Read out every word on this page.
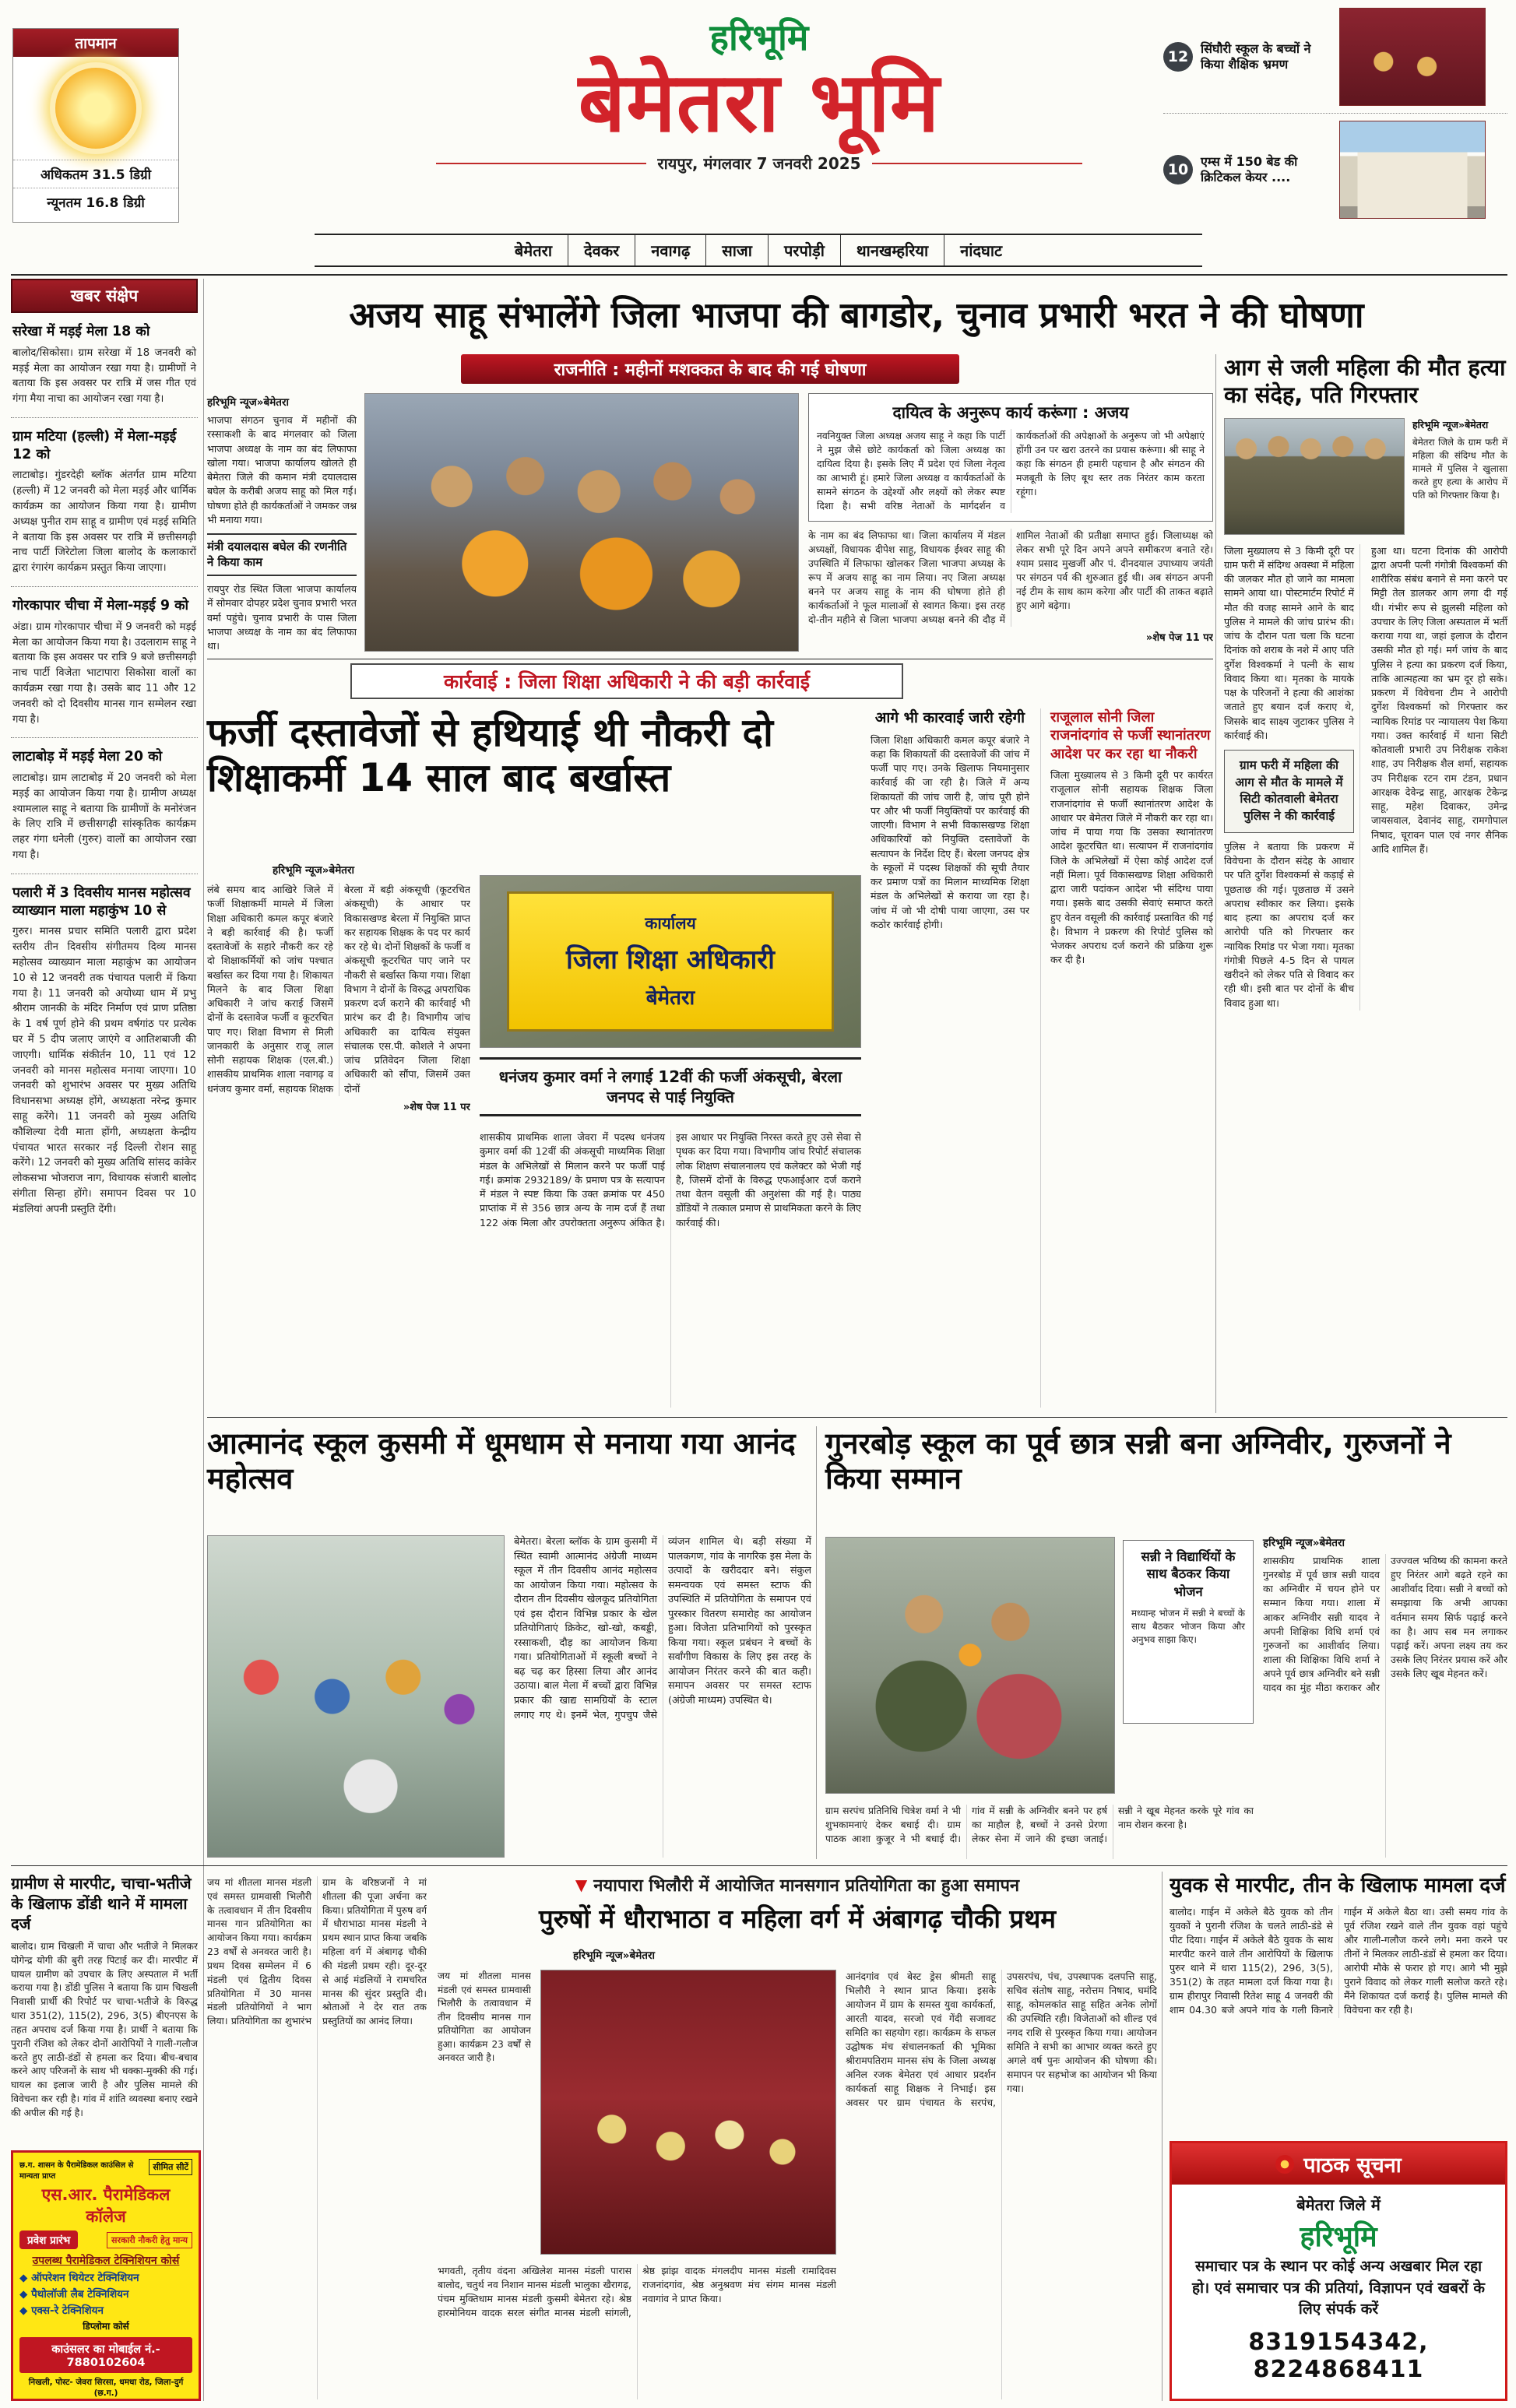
तापमान
अधिकतम 31.5 डिग्री
न्यूनतम 16.8 डिग्री
हरिभूमि
बेमेतरा भूमि
रायपुर, मंगलवार 7 जनवरी 2025
12 सिंघौरी स्कूल के बच्चों ने किया शैक्षिक भ्रमण
10 एम्स में 150 बेड की क्रिटिकल केयर ....
बेमेतरा	देवकर	नवागढ़	साजा	परपोड़ी	थानखम्हरिया	नांदघाट
अजय साहू संभालेंगे जिला भाजपा की बागडोर, चुनाव प्रभारी भरत ने की घोषणा
खबर संक्षेप
सरेखा में मड़ई मेला 18 को
बालोद/सिकोसा। ग्राम सरेखा में 18 जनवरी को मड़ई मेला का आयोजन रखा गया है। ग्रामीणों ने बताया कि इस अवसर पर रात्रि में जस गीत एवं गंगा मैया नाचा का आयोजन रखा गया है।
ग्राम मटिया (हल्ली) में मेला-मड़ई 12 को
लाटाबोड़। गुंडरदेही ब्लॉक अंतर्गत ग्राम मटिया (हल्ली) में 12 जनवरी को मेला मड़ई और धार्मिक कार्यक्रम का आयोजन किया गया है। ग्रामीण अध्यक्ष पुनीत राम साहू व ग्रामीण एवं मड़ई समिति ने बताया कि इस अवसर पर रात्रि में छत्तीसगढ़ी नाच पार्टी जिरेटोला जिला बालोद के कलाकारों द्वारा रंगारंग कार्यक्रम प्रस्तुत किया जाएगा।
गोरकापार चीचा में मेला-मड़ई 9 को
अंडा। ग्राम गोरकापार चीचा में 9 जनवरी को मड़ई मेला का आयोजन किया गया है। उदलाराम साहू ने बताया कि इस अवसर पर रात्रि 9 बजे छत्तीसगढ़ी नाच पार्टी विजेता भाटापारा सिकोसा वालों का कार्यक्रम रखा गया है। उसके बाद 11 और 12 जनवरी को दो दिवसीय मानस गान सम्मेलन रखा गया है।
लाटाबोड़ में मड़ई मेला 20 को
लाटाबोड़। ग्राम लाटाबोड़ में 20 जनवरी को मेला मड़ई का आयोजन किया गया है। ग्रामीण अध्यक्ष श्यामलाल साहू ने बताया कि ग्रामीणों के मनोरंजन के लिए रात्रि में छत्तीसगढ़ी सांस्कृतिक कार्यक्रम लहर गंगा धनेली (गुरुर) वालों का आयोजन रखा गया है।
पलारी में 3 दिवसीय मानस महोत्सव व्याख्यान माला महाकुंभ 10 से
गुरुर। मानस प्रचार समिति पलारी द्वारा प्रदेश स्तरीय तीन दिवसीय संगीतमय दिव्य मानस महोत्सव व्याख्यान माला महाकुंभ का आयोजन 10 से 12 जनवरी तक पंचायत पलारी में किया गया है। 11 जनवरी को अयोध्या धाम में प्रभु श्रीराम जानकी के मंदिर निर्माण एवं प्राण प्रतिष्ठा के 1 वर्ष पूर्ण होने की प्रथम वर्षगांठ पर प्रत्येक घर में 5 दीप जलाए जाएंगे व आतिशबाजी की जाएगी। धार्मिक संकीर्तन 10, 11 एवं 12 जनवरी को मानस महोत्सव मनाया जाएगा। 10 जनवरी को शुभारंभ अवसर पर मुख्य अतिथि विधानसभा अध्यक्ष होंगे, अध्यक्षता नरेन्द्र कुमार साहू करेंगे। 11 जनवरी को मुख्य अतिथि कौशिल्या देवी माता होंगी, अध्यक्षता केन्द्रीय पंचायत भारत सरकार नई दिल्ली रोशन साहू करेंगे। 12 जनवरी को मुख्य अतिथि सांसद कांकेर लोकसभा भोजराज नाग, विधायक संजारी बालोद संगीता सिन्हा होंगे। समापन दिवस पर 10 मंडलियां अपनी प्रस्तुति देंगी।
राजनीति : महीनों मशक्कत के बाद की गई घोषणा
हरिभूमि न्यूज»बेमेतरा
भाजपा संगठन चुनाव में महीनों की रस्साकशी के बाद मंगलवार को जिला भाजपा अध्यक्ष के नाम का बंद लिफाफा खोला गया। भाजपा कार्यालय खोलते ही बेमेतरा जिले की कमान मंत्री दयालदास बघेल के करीबी अजय साहू को मिल गई। घोषणा होते ही कार्यकर्ताओं ने जमकर जश्न भी मनाया गया।
मंत्री दयालदास बघेल की रणनीति ने किया काम
रायपुर रोड स्थित जिला भाजपा कार्यालय में सोमवार दोपहर प्रदेश चुनाव प्रभारी भरत वर्मा पहुंचे। चुनाव प्रभारी के पास जिला भाजपा अध्यक्ष के नाम का बंद लिफाफा था।
दायित्व के अनुरूप कार्य करूंगा : अजय
नवनियुक्त जिला अध्यक्ष अजय साहू ने कहा कि पार्टी ने मुझ जैसे छोटे कार्यकर्ता को जिला अध्यक्ष का दायित्व दिया है। इसके लिए मैं प्रदेश एवं जिला नेतृत्व का आभारी हूं। हमारे जिला अध्यक्ष व कार्यकर्ताओं के सामने संगठन के उद्देश्यों और लक्ष्यों को लेकर स्पष्ट दिशा है। सभी वरिष्ठ नेताओं के मार्गदर्शन व कार्यकर्ताओं की अपेक्षाओं के अनुरूप जो भी अपेक्षाएं होंगी उन पर खरा उतरने का प्रयास करूंगा। श्री साहू ने कहा कि संगठन ही हमारी पहचान है और संगठन की मजबूती के लिए बूथ स्तर तक निरंतर काम करता रहूंगा।
के नाम का बंद लिफाफा था। जिला कार्यालय में मंडल अध्यक्षों, विधायक दीपेश साहू, विधायक ईश्वर साहू की उपस्थिति में लिफाफा खोलकर जिला भाजपा अध्यक्ष के रूप में अजय साहू का नाम लिया। नए जिला अध्यक्ष बनने पर अजय साहू के नाम की घोषणा होते ही कार्यकर्ताओं ने फूल मालाओं से स्वागत किया। इस तरह दो-तीन महीने से जिला भाजपा अध्यक्ष बनने की दौड़ में शामिल नेताओं की प्रतीक्षा समाप्त हुई। जिलाध्यक्ष को लेकर सभी पूरे दिन अपने अपने समीकरण बनाते रहे। श्याम प्रसाद मुखर्जी और पं. दीनदयाल उपाध्याय जयंती पर संगठन पर्व की शुरुआत हुई थी। अब संगठन अपनी नई टीम के साथ काम करेगा और पार्टी की ताकत बढ़ाते हुए आगे बढ़ेगा।
»शेष पेज 11 पर
आग से जली महिला की मौत हत्या का संदेह, पति गिरफ्तार
हरिभूमि न्यूज»बेमेतरा
बेमेतरा जिले के ग्राम फरी में महिला की संदिग्ध मौत के मामले में पुलिस ने खुलासा करते हुए हत्या के आरोप में पति को गिरफ्तार किया है।
जिला मुख्यालय से 3 किमी दूरी पर ग्राम फरी में संदिग्ध अवस्था में महिला की जलकर मौत हो जाने का मामला सामने आया था। पोस्टमार्टम रिपोर्ट में मौत की वजह सामने आने के बाद पुलिस ने मामले की जांच प्रारंभ की। जांच के दौरान पता चला कि घटना दिनांक को शराब के नशे में आए पति दुर्गेश विश्वकर्मा ने पत्नी के साथ विवाद किया था। मृतका के मायके पक्ष के परिजनों ने हत्या की आशंका जताते हुए बयान दर्ज कराए थे, जिसके बाद साक्ष्य जुटाकर पुलिस ने कार्रवाई की।
ग्राम फरी में महिला की आग से मौत के मामले में सिटी कोतवाली बेमेतरा पुलिस ने की कार्रवाई
पुलिस ने बताया कि प्रकरण में विवेचना के दौरान संदेह के आधार पर पति दुर्गेश विश्वकर्मा से कड़ाई से पूछताछ की गई। पूछताछ में उसने अपराध स्वीकार कर लिया। इसके बाद हत्या का अपराध दर्ज कर आरोपी पति को गिरफ्तार कर न्यायिक रिमांड पर भेजा गया। मृतका गंगोत्री पिछले 4-5 दिन से पायल खरीदने को लेकर पति से विवाद कर रही थी। इसी बात पर दोनों के बीच विवाद हुआ था।
हुआ था। घटना दिनांक की आरोपी द्वारा अपनी पत्नी गंगोत्री विश्वकर्मा की शारीरिक संबंध बनाने से मना करने पर मिट्टी तेल डालकर आग लगा दी गई थी। गंभीर रूप से झुलसी महिला को उपचार के लिए जिला अस्पताल में भर्ती कराया गया था, जहां इलाज के दौरान उसकी मौत हो गई। मर्ग जांच के बाद पुलिस ने हत्या का प्रकरण दर्ज किया, ताकि आत्महत्या का भ्रम दूर हो सके। प्रकरण में विवेचना टीम ने आरोपी दुर्गेश विश्वकर्मा को गिरफ्तार कर न्यायिक रिमांड पर न्यायालय पेश किया गया। उक्त कार्रवाई में थाना सिटी कोतवाली प्रभारी उप निरीक्षक राकेश शाह, उप निरीक्षक शैल शर्मा, सहायक उप निरीक्षक रटन राम टंडन, प्रधान आरक्षक देवेन्द्र साहू, आरक्षक टेकेन्द्र साहू, महेश दिवाकर, उमेन्द्र जायसवाल, देवानंद साहू, रामगोपाल निषाद, चूरावन पाल एवं नगर सैनिक आदि शामिल हैं।
कार्रवाई : जिला शिक्षा अधिकारी ने की बड़ी कार्रवाई
फर्जी दस्तावेजों से हथियाई थी नौकरी दो शिक्षाकर्मी 14 साल बाद बर्खास्त
हरिभूमि न्यूज»बेमेतरा
लंबे समय बाद आखिरे जिले में फर्जी शिक्षाकर्मी मामले में जिला शिक्षा अधिकारी कमल कपूर बंजारे ने बड़ी कार्रवाई की है। फर्जी दस्तावेजों के सहारे नौकरी कर रहे दो शिक्षाकर्मियों को जांच पश्चात बर्खास्त कर दिया गया है। शिकायत मिलने के बाद जिला शिक्षा अधिकारी ने जांच कराई जिसमें दोनों के दस्तावेज फर्जी व कूटरचित पाए गए। शिक्षा विभाग से मिली जानकारी के अनुसार राजू लाल सोनी सहायक शिक्षक (एल.बी.) शासकीय प्राथमिक शाला नवागढ़ व धनंजय कुमार वर्मा, सहायक शिक्षक बेरला में बड़ी अंकसूची (कूटरचित अंकसूची) के आधार पर विकासखण्ड बेरला में नियुक्ति प्राप्त कर सहायक शिक्षक के पद पर कार्य कर रहे थे। दोनों शिक्षकों के फर्जी व अंकसूची कूटरचित पाए जाने पर नौकरी से बर्खास्त किया गया। शिक्षा विभाग ने दोनों के विरुद्ध अपराधिक प्रकरण दर्ज कराने की कार्रवाई भी प्रारंभ कर दी है। विभागीय जांच अधिकारी का दायित्व संयुक्त संचालक एस.पी. कोशले ने अपना जांच प्रतिवेदन जिला शिक्षा अधिकारी को सौंपा, जिसमें उक्त दोनों
»शेष पेज 11 पर
कार्यालय
जिला शिक्षा अधिकारी
बेमेतरा
धनंजय कुमार वर्मा ने लगाई 12वीं की फर्जी अंकसूची, बेरला जनपद से पाई नियुक्ति
शासकीय प्राथमिक शाला जेवरा में पदस्थ धनंजय कुमार वर्मा की 12वीं की अंकसूची माध्यमिक शिक्षा मंडल के अभिलेखों से मिलान करने पर फर्जी पाई गई। क्रमांक 2932189/ के प्रमाण पत्र के सत्यापन में मंडल ने स्पष्ट किया कि उक्त क्रमांक पर 450 प्राप्तांक में से 356 छात्र अन्य के नाम दर्ज हैं तथा 122 अंक मिला और उपरोक्तता अनुरूप अंकित है। इस आधार पर नियुक्ति निरस्त करते हुए उसे सेवा से पृथक कर दिया गया। विभागीय जांच रिपोर्ट संचालक लोक शिक्षण संचालनालय एवं कलेक्टर को भेजी गई है, जिसमें दोनों के विरुद्ध एफआईआर दर्ज कराने तथा वेतन वसूली की अनुशंसा की गई है। पाठ्य डोंडियों ने तत्काल प्रमाण से प्राथमिकता करने के लिए कार्रवाई की।
आगे भी कारवाई जारी रहेगी
जिला शिक्षा अधिकारी कमल कपूर बंजारे ने कहा कि शिकायतों की दस्तावेजों की जांच में फर्जी पाए गए। उनके खिलाफ नियमानुसार कार्रवाई की जा रही है। जिले में अन्य शिकायतों की जांच जारी है, जांच पूरी होने पर और भी फर्जी नियुक्तियों पर कार्रवाई की जाएगी। विभाग ने सभी विकासखण्ड शिक्षा अधिकारियों को नियुक्ति दस्तावेजों के सत्यापन के निर्देश दिए हैं। बेरला जनपद क्षेत्र के स्कूलों में पदस्थ शिक्षकों की सूची तैयार कर प्रमाण पत्रों का मिलान माध्यमिक शिक्षा मंडल के अभिलेखों से कराया जा रहा है। जांच में जो भी दोषी पाया जाएगा, उस पर कठोर कार्रवाई होगी।
राजूलाल सोनी जिला राजनांदगांव से फर्जी स्थानांतरण आदेश पर कर रहा था नौकरी
जिला मुख्यालय से 3 किमी दूरी पर कार्यरत राजूलाल सोनी सहायक शिक्षक जिला राजनांदगांव से फर्जी स्थानांतरण आदेश के आधार पर बेमेतरा जिले में नौकरी कर रहा था। जांच में पाया गया कि उसका स्थानांतरण आदेश कूटरचित था। सत्यापन में राजनांदगांव जिले के अभिलेखों में ऐसा कोई आदेश दर्ज नहीं मिला। पूर्व विकासखण्ड शिक्षा अधिकारी द्वारा जारी पदांकन आदेश भी संदिग्ध पाया गया। इसके बाद उसकी सेवाएं समाप्त करते हुए वेतन वसूली की कार्रवाई प्रस्तावित की गई है। विभाग ने प्रकरण की रिपोर्ट पुलिस को भेजकर अपराध दर्ज कराने की प्रक्रिया शुरू कर दी है।
आत्मानंद स्कूल कुसमी में धूमधाम से मनाया गया आनंद महोत्सव
बेमेतरा। बेरला ब्लॉक के ग्राम कुसमी में स्थित स्वामी आत्मानंद अंग्रेजी माध्यम स्कूल में तीन दिवसीय आनंद महोत्सव का आयोजन किया गया। महोत्सव के दौरान तीन दिवसीय खेलकूद प्रतियोगिता एवं इस दौरान विभिन्न प्रकार के खेल प्रतियोगिताएं क्रिकेट, खो-खो, कबड्डी, रस्साकशी, दौड़ का आयोजन किया गया। प्रतियोगिताओं में स्कूली बच्चों ने बढ़ चढ़ कर हिस्सा लिया और आनंद उठाया। बाल मेला में बच्चों द्वारा विभिन्न प्रकार की खाद्य सामग्रियों के स्टाल लगाए गए थे। इनमें भेल, गुपचुप जैसे व्यंजन शामिल थे। बड़ी संख्या में पालकगण, गांव के नागरिक इस मेला के उत्पादों के खरीददार बने। संकुल समन्वयक एवं समस्त स्टाफ की उपस्थिति में प्रतियोगिता के समापन एवं पुरस्कार वितरण समारोह का आयोजन हुआ। विजेता प्रतिभागियों को पुरस्कृत किया गया। स्कूल प्रबंधन ने बच्चों के सर्वांगीण विकास के लिए इस तरह के आयोजन निरंतर करने की बात कही। समापन अवसर पर समस्त स्टाफ (अंग्रेजी माध्यम) उपस्थित थे।
गुनरबोड़ स्कूल का पूर्व छात्र सन्नी बना अग्निवीर, गुरुजनों ने किया सम्मान
हरिभूमि न्यूज»बेमेतरा
सन्नी ने विद्यार्थियों के साथ बैठकर किया भोजन
मध्यान्ह भोजन में सन्नी ने बच्चों के साथ बैठकर भोजन किया और अनुभव साझा किए।
शासकीय प्राथमिक शाला गुनरबोड़ में पूर्व छात्र सन्नी यादव का अग्निवीर में चयन होने पर सम्मान किया गया। शाला में आकर अग्निवीर सन्नी यादव ने अपनी शिक्षिका विधि शर्मा एवं गुरुजनों का आशीर्वाद लिया। शाला की शिक्षिका विधि शर्मा ने अपने पूर्व छात्र अग्निवीर बने सन्नी यादव का मुंह मीठा कराकर और उज्ज्वल भविष्य की कामना करते हुए निरंतर आगे बढ़ते रहने का आशीर्वाद दिया। सन्नी ने बच्चों को समझाया कि अभी आपका वर्तमान समय सिर्फ पढ़ाई करने का है। आप सब मन लगाकर पढ़ाई करें। अपना लक्ष्य तय कर उसके लिए निरंतर प्रयास करें और उसके लिए खूब मेहनत करें।
ग्राम सरपंच प्रतिनिधि चित्रेश वर्मा ने भी शुभकामनाएं देकर बधाई दी। ग्राम पाठक आशा कुजूर ने भी बधाई दी। गांव में सन्नी के अग्निवीर बनने पर हर्ष का माहौल है, बच्चों ने उनसे प्रेरणा लेकर सेना में जाने की इच्छा जताई। सन्नी ने खूब मेहनत करके पूरे गांव का नाम रोशन करना है।
ग्रामीण से मारपीट, चाचा-भतीजे के खिलाफ डोंडी थाने में मामला दर्ज
बालोद। ग्राम चिखली में चाचा और भतीजे ने मिलकर योगेन्द्र योगी की बुरी तरह पिटाई कर दी। मारपीट में घायल ग्रामीण को उपचार के लिए अस्पताल में भर्ती कराया गया है। डोंडी पुलिस ने बताया कि ग्राम चिखली निवासी प्रार्थी की रिपोर्ट पर चाचा-भतीजे के विरुद्ध धारा 351(2), 115(2), 296, 3(5) बीएनएस के तहत अपराध दर्ज किया गया है। प्रार्थी ने बताया कि पुरानी रंजिश को लेकर दोनों आरोपियों ने गाली-गलौज करते हुए लाठी-डंडों से हमला कर दिया। बीच-बचाव करने आए परिजनों के साथ भी धक्का-मुक्की की गई। घायल का इलाज जारी है और पुलिस मामले की विवेचना कर रही है। गांव में शांति व्यवस्था बनाए रखने की अपील की गई है।
छ.ग. शासन के पैरामेडिकल काउंसिल से मान्यता प्राप्त
सीमित सीटें
एस.आर. पैरामेडिकल कॉलेज
प्रवेश प्रारंभ	सरकारी नौकरी हेतु मान्य
उपलब्ध पैरामेडिकल टेक्निशियन कोर्स
◆ ऑपरेशन थियेटर टेक्निशियन
◆ पैथोलॉजी लैब टेक्निशियन
◆ एक्स-रे टेक्निशियन
डिप्लोमा कोर्स
काउंसलर का मोबाईल नं.- 7880102604
निखली, पोस्ट- जेवरा सिरसा, धमधा रोड, जिला-दुर्ग (छ.ग.)
जय मां शीतला मानस मंडली एवं समस्त ग्रामवासी भिलौरी के तत्वावधान में तीन दिवसीय मानस गान प्रतियोगिता का आयोजन किया गया। कार्यक्रम 23 वर्षों से अनवरत जारी है। प्रथम दिवस सम्मेलन में 6 मंडली एवं द्वितीय दिवस प्रतियोगिता में 30 मानस मंडली प्रतियोगियों ने भाग लिया। प्रतियोगिता का शुभारंभ ग्राम के वरिष्ठजनों ने मां शीतला की पूजा अर्चना कर किया। प्रतियोगिता में पुरुष वर्ग में धौराभाठा मानस मंडली ने प्रथम स्थान प्राप्त किया जबकि महिला वर्ग में अंबागढ़ चौकी की मंडली प्रथम रही। दूर-दूर से आई मंडलियों ने रामचरित मानस की सुंदर प्रस्तुति दी। श्रोताओं ने देर रात तक प्रस्तुतियों का आनंद लिया।
▼ नयापारा भिलौरी में आयोजित मानसगान प्रतियोगिता का हुआ समापन
पुरुषों में धौराभाठा व महिला वर्ग में अंबागढ़ चौकी प्रथम
हरिभूमि न्यूज»बेमेतरा
जय मां शीतला मानस मंडली एवं समस्त ग्रामवासी भिलौरी के तत्वावधान में तीन दिवसीय मानस गान प्रतियोगिता का आयोजन हुआ। कार्यक्रम 23 वर्षों से अनवरत जारी है।
आनंदगांव एवं बेस्ट ड्रेस श्रीमती साहू भिलौरी ने स्थान प्राप्त किया। इसके आयोजन में ग्राम के समस्त युवा कार्यकर्ता, आरती यादव, सरजो एवं गेंदी सजावट समिति का सहयोग रहा। कार्यक्रम के सफल उद्घोषक मंच संचालनकर्ता की भूमिका श्रीरामपतिराम मानस संघ के जिला अध्यक्ष अनिल रजक बेमेतरा एवं आधार प्रदर्शन कार्यकर्ता साहू शिक्षक ने निभाई। इस अवसर पर ग्राम पंचायत के सरपंच, उपसरपंच, पंच, उपस्थापक दलपत्ति साहू, सचिव संतोष साहू, नरोत्तम निषाद, घमंदि साहू, कोमलकांत साहू सहित अनेक लोगों की उपस्थिति रही। विजेताओं को शील्ड एवं नगद राशि से पुरस्कृत किया गया। आयोजन समिति ने सभी का आभार व्यक्त करते हुए अगले वर्ष पुनः आयोजन की घोषणा की। समापन पर सहभोज का आयोजन भी किया गया।
भगवती, तृतीय वंदना अखिलेश मानस मंडली पारास बालोद, चतुर्थ नव निशान मानस मंडली भालुका खैरागढ़, पंचम मुक्तिधाम मानस मंडली कुसमी बेमेतरा रहे। श्रेष्ठ हारमोनियम वादक सरल संगीत मानस मंडली सांगली, श्रेष्ठ झांझ वादक मंगलदीप मानस मंडली रामादिवस राजनांदगांव, श्रेष्ठ अनुश्रवण मंच संगम मानस मंडली नवागांव ने प्राप्त किया।
युवक से मारपीट, तीन के खिलाफ मामला दर्ज
बालोद। गाईन में अकेले बैठे युवक को तीन युवकों ने पुरानी रंजिश के चलते लाठी-डंडे से पीट दिया। गाईन में अकेले बैठे युवक के साथ मारपीट करने वाले तीन आरोपियों के खिलाफ पुरुर थाने में धारा 115(2), 296, 3(5), 351(2) के तहत मामला दर्ज किया गया है। ग्राम हीरापुर निवासी रितेश साहू 4 जनवरी की शाम 04.30 बजे अपने गांव के गली किनारे गाईन में अकेले बैठा था। उसी समय गांव के पूर्व रंजिश रखने वाले तीन युवक वहां पहुंचे और गाली-गलौज करने लगे। मना करने पर तीनों ने मिलकर लाठी-डंडों से हमला कर दिया। आरोपी मौके से फरार हो गए। आगे भी मुझे पुराने विवाद को लेकर गाली सलोज करते रहे। मैंने शिकायत दर्ज कराई है। पुलिस मामले की विवेचना कर रही है।
पाठक सूचना
बेमेतरा जिले में
हरिभूमि
समाचार पत्र के स्थान पर कोई अन्य अखबार मिल रहा हो। एवं समाचार पत्र की प्रतियां, विज्ञापन एवं खबरों के लिए संपर्क करें
8319154342, 8224868411
